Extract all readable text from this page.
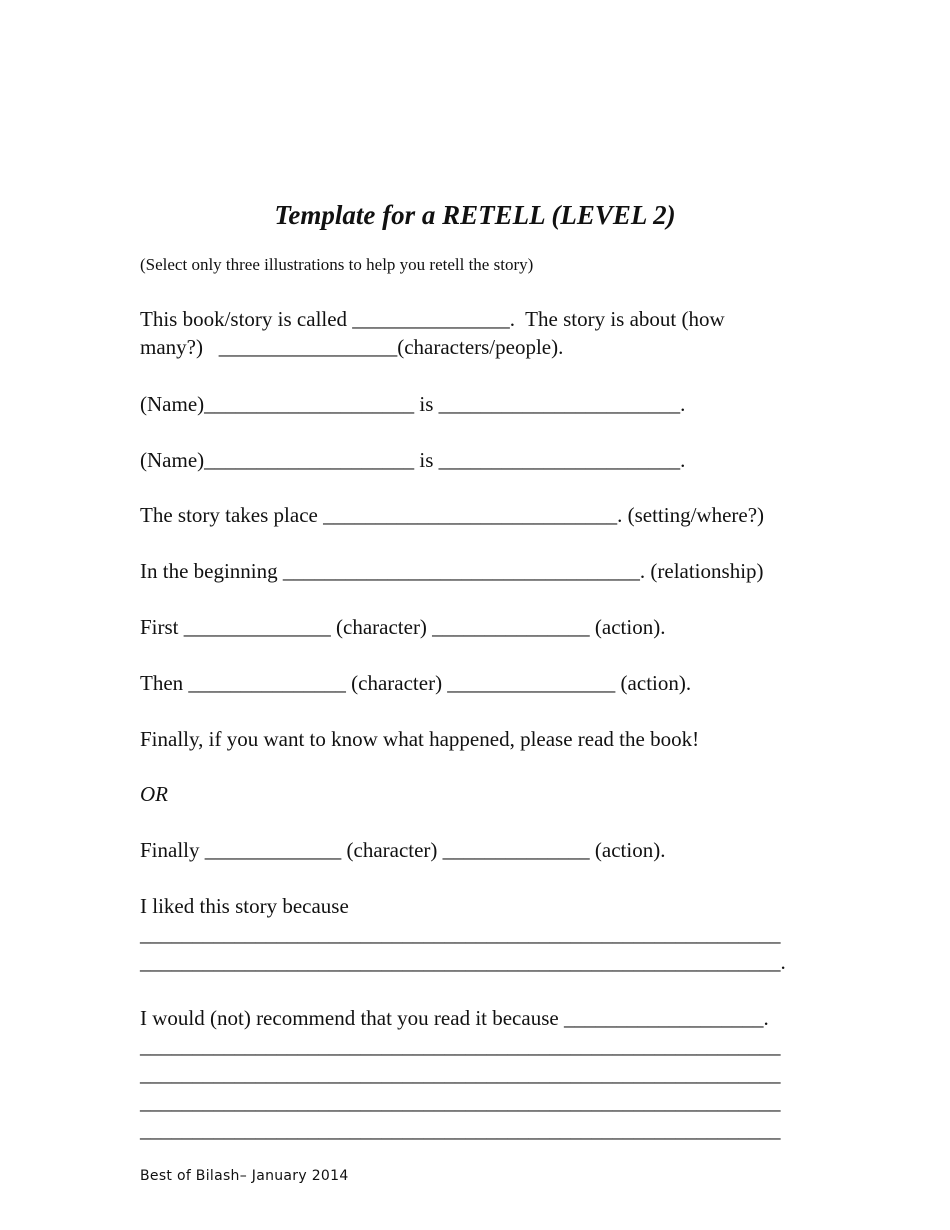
Template for a RETELL (LEVEL 2)

(Select only three illustrations to help you retell the story)

This book/story is called _______________.  The story is about (how

many?)   _________________(characters/people).

(Name)____________________ is _______________________.

(Name)____________________ is _______________________.

The story takes place ____________________________. (setting/where?)

In the beginning __________________________________. (relationship)

First ______________ (character) _______________ (action).

Then _______________ (character) ________________ (action).

Finally, if you want to know what happened, please read the book!

OR

Finally _____________ (character) ______________ (action).

I liked this story because

_____________________________________________________________

_____________________________________________________________.

I would (not) recommend that you read it because ___________________.

_____________________________________________________________

_____________________________________________________________

_____________________________________________________________

_____________________________________________________________

Best of Bilash– January 2014
